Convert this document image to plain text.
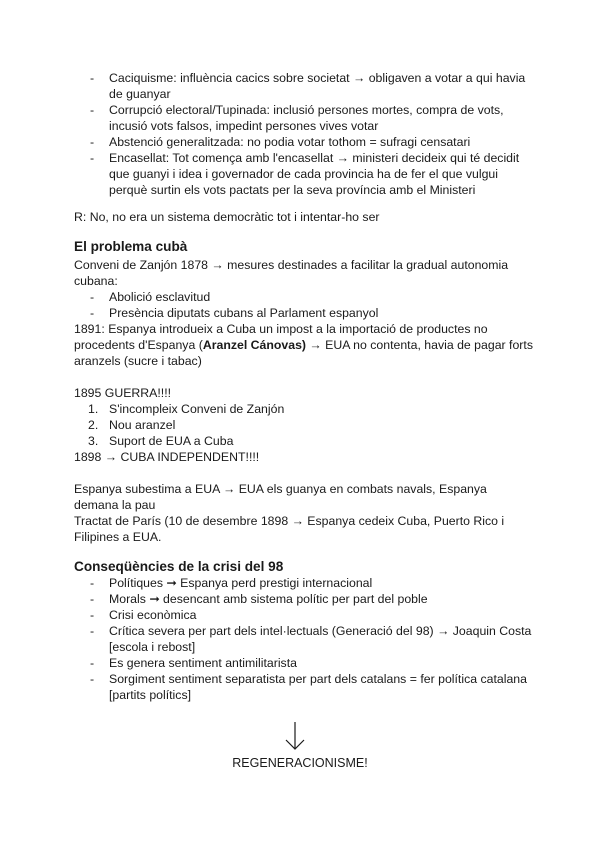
- Caciquisme: influència cacics sobre societat → obligaven a votar a qui havia de guanyar
- Corrupció electoral/Tupinada: inclusió persones mortes, compra de vots, incusió vots falsos, impedint persones vives votar
- Abstenció generalitzada: no podia votar tothom = sufragi censatari
- Encasellat: Tot comença amb l'encasellat → ministeri decideix qui té decidit que guanyi i idea i governador de cada provincia ha de fer el que vulgui perquè surtin els vots pactats per la seva província amb el Ministeri
R: No, no era un sistema democràtic tot i intentar-ho ser
El problema cubà
Conveni de Zanjón 1878 → mesures destinades a facilitar la gradual autonomia cubana:
- Abolició esclavitud
- Presència diputats cubans al Parlament espanyol
1891: Espanya introdueix a Cuba un impost a la importació de productes no procedents d'Espanya (Aranzel Cánovas) → EUA no contenta, havia de pagar forts aranzels (sucre i tabac)
1895 GUERRA!!!!
1. S'incompleix Conveni de Zanjón
2. Nou aranzel
3. Suport de EUA a Cuba
1898 → CUBA INDEPENDENT!!!!
Espanya subestima a EUA → EUA els guanya en combats navals, Espanya demana la pau
Tractat de París (10 de desembre 1898 → Espanya cedeix Cuba, Puerto Rico i Filipines a EUA.
Conseqüències de la crisi del 98
- Polítiques ➞ Espanya perd prestigi internacional
- Morals ➞ desencant amb sistema polític per part del poble
- Crisi econòmica
- Crítica severa per part dels intel·lectuals (Generació del 98) → Joaquin Costa [escola i rebost]
- Es genera sentiment antimilitarista
- Sorgiment sentiment separatista per part dels catalans = fer política catalana [partits polítics]
REGENERACIONISME!
